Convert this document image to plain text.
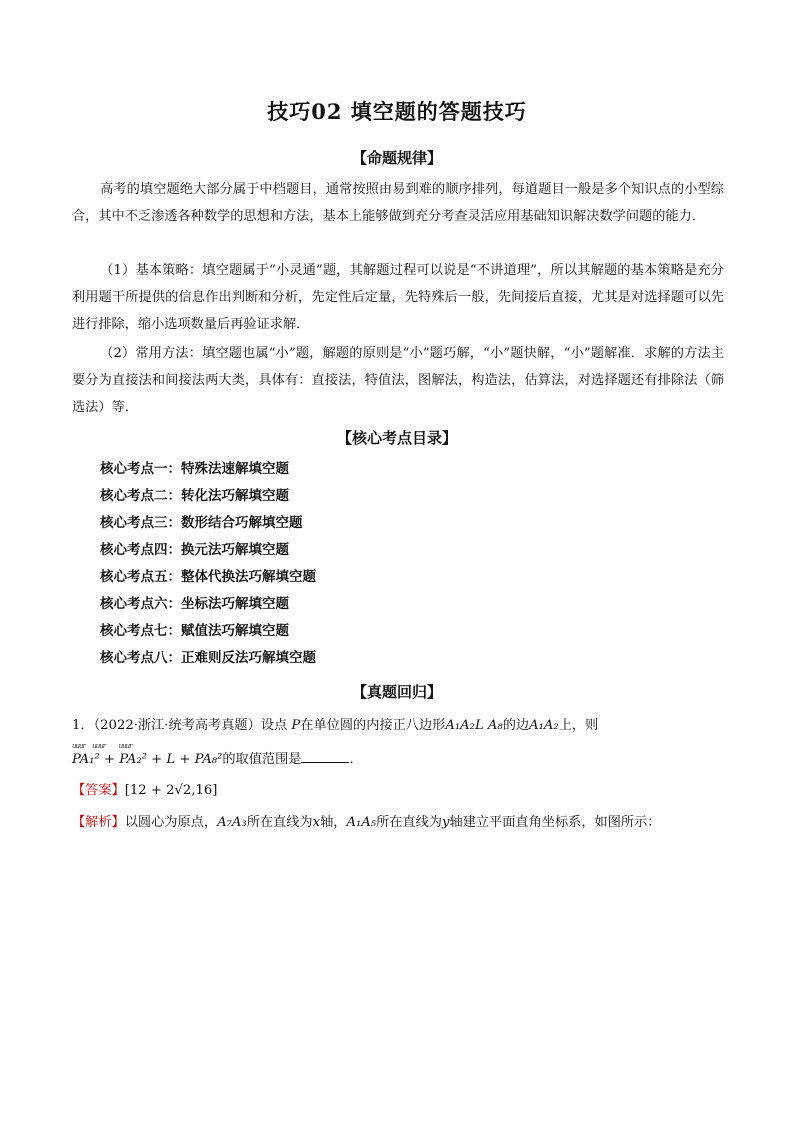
技巧02 填空题的答题技巧
【命题规律】
高考的填空题绝大部分属于中档题目，通常按照由易到难的顺序排列，每道题目一般是多个知识点的小型综合，其中不乏渗透各种数学的思想和方法，基本上能够做到充分考查灵活应用基础知识解决数学问题的能力．
（1）基本策略：填空题属于“小灵通”题，其解题过程可以说是“不讲道理”，所以其解题的基本策略是充分利用题干所提供的信息作出判断和分析，先定性后定量，先特殊后一般，先间接后直接，尤其是对选择题可以先进行排除，缩小选项数量后再验证求解．
（2）常用方法：填空题也属“小”题，解题的原则是“小”题巧解，“小”题快解，“小”题解准．求解的方法主要分为直接法和间接法两大类，具体有：直接法，特值法，图解法，构造法，估算法，对选择题还有排除法（筛选法）等．
【核心考点目录】
核心考点一：特殊法速解填空题
核心考点二：转化法巧解填空题
核心考点三：数形结合巧解填空题
核心考点四：换元法巧解填空题
核心考点五：整体代换法巧解填空题
核心考点六：坐标法巧解填空题
核心考点七：赋值法巧解填空题
核心考点八：正难则反法巧解填空题
【真题回归】
1．（2022·浙江·统考高考真题）设点 P在单位圆的内接正八边形A₁A₂L A₈的边A₁A₂上，则
uuur      uuur           uuur
PA₁² + PA₂² + L + PA₈²的取值范围是	．
【答案】[12 + 2√2,16]
【解析】以圆心为原点，A₇A₃所在直线为x轴，A₁A₅所在直线为y轴建立平面直角坐标系，如图所示：
